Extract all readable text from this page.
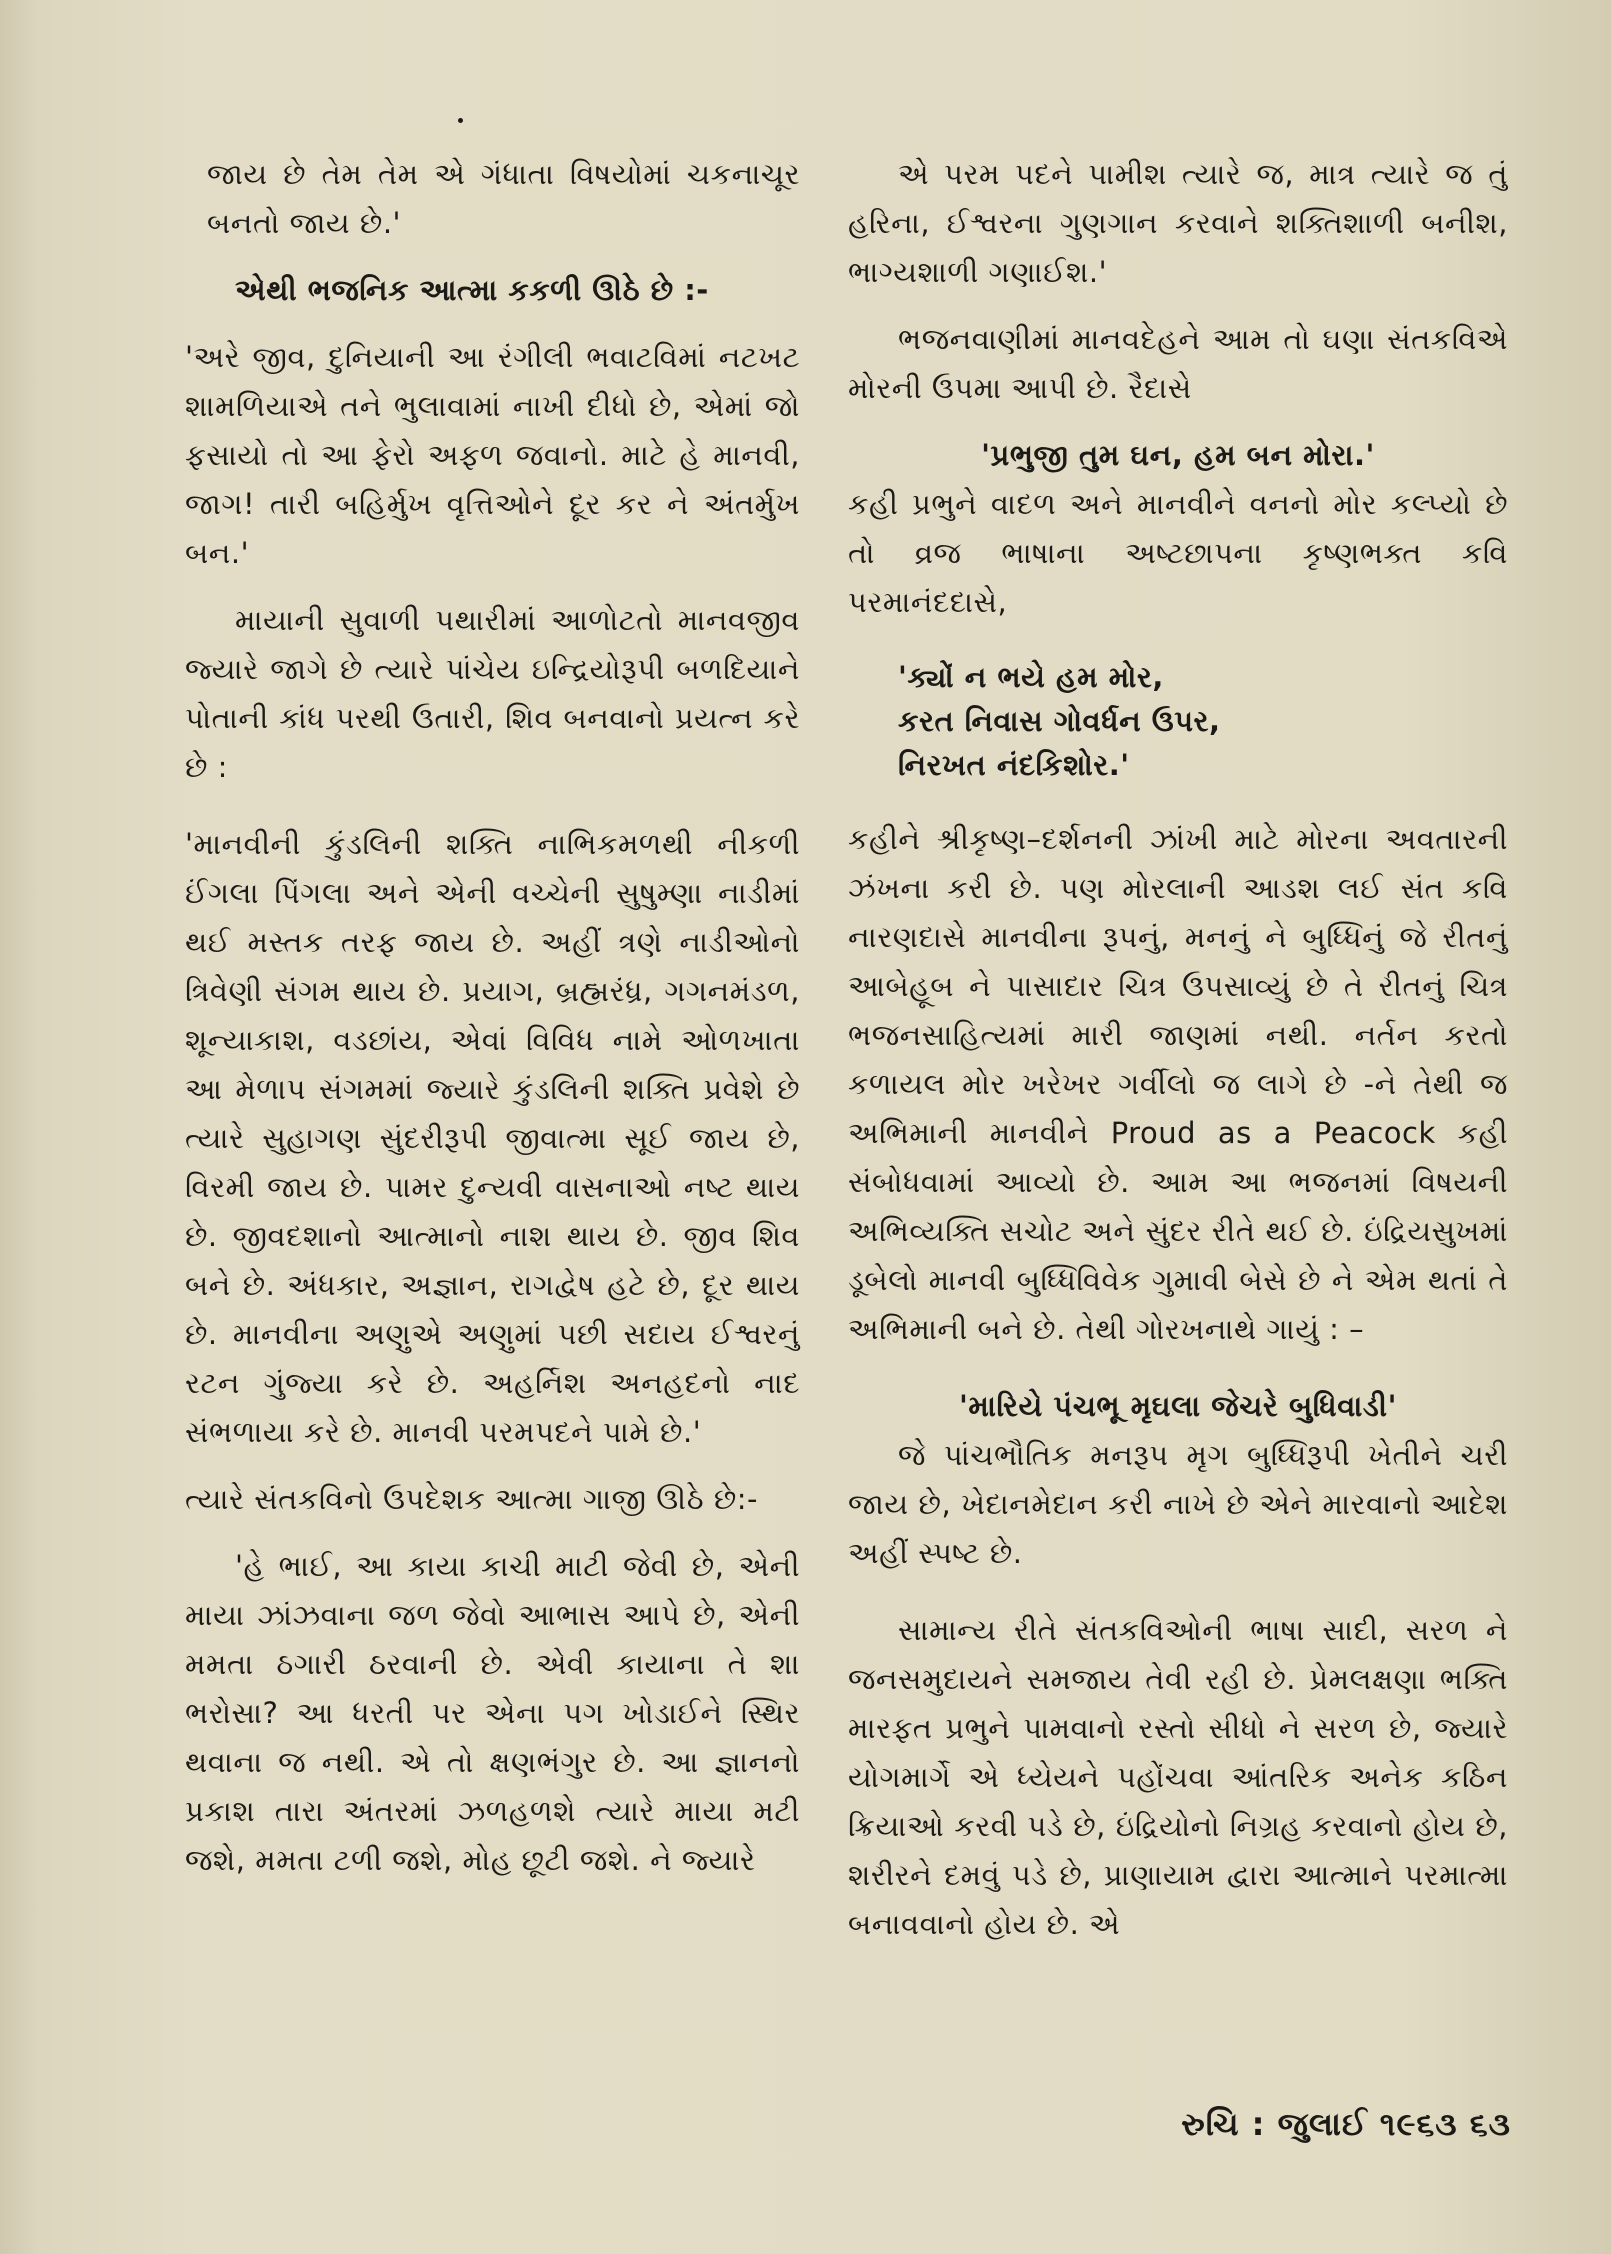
જાય છે તેમ તેમ એ ગંધાતા વિષયોમાં ચકનાચૂર બનતો જાય છે.'

એથી ભજનિક આત્મા કકળી ઊઠે છે :-

'અરે જીવ, દુનિયાની આ રંગીલી ભવાટવિમાં નટખટ શામળિયાએ તને ભુલાવામાં નાખી દીધો છે, એમાં જો ફસાયો તો આ ફેરો અફળ જવાનો. માટે હે માનવી, જાગ! તારી બહિર્મુખ વૃત્તિઓને દૂર કર ને અંતર્મુખ બન.'

માયાની સુવાળી પથારીમાં આળોટતો માનવજીવ જ્યારે જાગે છે ત્યારે પાંચેય ઇન્દ્રિયોરૂપી બળદિયાને પોતાની કાંધ પરથી ઉતારી, શિવ બનવાનો પ્રયત્ન કરે છે :

'માનવીની કુંડલિની શક્તિ નાભિકમળથી નીકળી ઈંગલા પિંગલા અને એની વચ્ચેની સુષુમ્ણા નાડીમાં થઈ મસ્તક તરફ જાય છે. અહીં ત્રણે નાડીઓનો ત્રિવેણી સંગમ થાય છે. પ્રયાગ, બ્રહ્મરંધ્ર, ગગનમંડળ, શૂન્યાકાશ, વડછાંય, એવાં વિવિધ નામે ઓળખાતા આ મેળાપ સંગમમાં જ્યારે કુંડલિની શક્તિ પ્રવેશે છે ત્યારે સુહાગણ સુંદરીરૂપી જીવાત્મા સૂઈ જાય છે, વિરમી જાય છે. પામર દુન્યવી વાસનાઓ નષ્ટ થાય છે. જીવદશાનો આત્માનો નાશ થાય છે. જીવ શિવ બને છે. અંધકાર, અજ્ઞાન, રાગદ્વેષ હટે છે, દૂર થાય છે. માનવીના અણુએ અણુમાં પછી સદાય ઈશ્વરનું રટન ગુંજ્યા કરે છે. અહર્નિશ અનહદનો નાદ સંભળાયા કરે છે. માનવી પરમપદને પામે છે.'

ત્યારે સંતકવિનો ઉપદેશક આત્મા ગાજી ઊઠે છે:-

'હે ભાઈ, આ કાયા કાચી માટી જેવી છે, એની માયા ઝાંઝવાના જળ જેવો આભાસ આપે છે, એની મમતા ઠગારી ઠરવાની છે. એવી કાયાના તે શા ભરોસા? આ ધરતી પર એના પગ ખોડાઈને સ્થિર થવાના જ નથી. એ તો ક્ષણભંગુર છે. આ જ્ઞાનનો પ્રકાશ તારા અંતરમાં ઝળહળશે ત્યારે માયા મટી જશે, મમતા ટળી જશે, મોહ છૂટી જશે. ને જ્યારે

એ પરમ પદને પામીશ ત્યારે જ, માત્ર ત્યારે જ તું હરિના, ઈશ્વરના ગુણગાન કરવાને શક્તિશાળી બનીશ, ભાગ્યશાળી ગણાઈશ.'

ભજનવાણીમાં માનવદેહને આમ તો ઘણા સંતકવિએ મોરની ઉપમા આપી છે. રૈદાસે

'પ્રભુજી તુમ ઘન, હમ બન મોરા.'

કહી પ્રભુને વાદળ અને માનવીને વનનો મોર કલ્પ્યો છે તો વ્રજ ભાષાના અષ્ટછાપના કૃષ્ણભક્ત કવિ પરમાનંદદાસે,

'ક્યોં ન ભયે હમ મોર,

કરત નિવાસ ગોવર્ધન ઉપર,

નિરખત નંદકિશોર.'

કહીને શ્રીકૃષ્ણ–દર્શનની ઝાંખી માટે મોરના અવતારની ઝંખના કરી છે. પણ મોરલાની આડશ લઈ સંત કવિ નારણદાસે માનવીના રૂપનું, મનનું ને બુધ્ધિનું જે રીતનું આબેહૂબ ને પાસાદાર ચિત્ર ઉપસાવ્યું છે તે રીતનું ચિત્ર ભજનસાહિત્યમાં મારી જાણમાં નથી. નર્તન કરતો કળાયલ મોર ખરેખર ગર્વીલો જ લાગે છે -ને તેથી જ અભિમાની માનવીને Proud as a Peacock કહી સંબોધવામાં આવ્યો છે. આમ આ ભજનમાં વિષયની અભિવ્યક્તિ સચોટ અને સુંદર રીતે થઈ છે. ઇંદ્રિયસુખમાં ડૂબેલો માનવી બુધ્ધિવિવેક ગુમાવી બેસે છે ને એમ થતાં તે અભિમાની બને છે. તેથી ગોરખનાથે ગાયું : –

'મારિયે પંચભૂ મૃઘલા જેચરે બુધિવાડી'

જે પાંચભૌતિક મનરૂપ મૃગ બુધ્ધિરૂપી ખેતીને ચરી જાય છે, ખેદાનમેદાન કરી નાખે છે એને મારવાનો આદેશ અહીં સ્પષ્ટ છે.

સામાન્ય રીતે સંતકવિઓની ભાષા સાદી, સરળ ને જનસમુદાયને સમજાય તેવી રહી છે. પ્રેમલક્ષણા ભક્તિ મારફત પ્રભુને પામવાનો રસ્તો સીધો ને સરળ છે, જ્યારે યોગમાર્ગે એ ધ્યેયને પહોંચવા આંતરિક અનેક કઠિન ક્રિયાઓ કરવી પડે છે, ઇંદ્રિયોનો નિગ્રહ કરવાનો હોય છે, શરીરને દમવું પડે છે, પ્રાણાયામ દ્વારા આત્માને પરમાત્મા બનાવવાનો હોય છે. એ

રુચિ : જુલાઈ ૧૯૬૩ ૬૩
